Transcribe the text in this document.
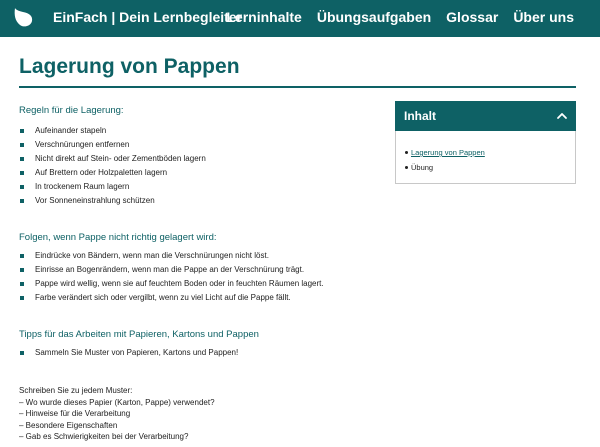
EinFach | Dein Lernbegleiter
Lerninhalte Übungsaufgaben Glossar Über uns
Lagerung von Pappen
Regeln für die Lagerung:
Aufeinander stapeln
Verschnürungen entfernen
Nicht direkt auf Stein- oder Zementböden lagern
Auf Brettern oder Holzpaletten lagern
In trockenem Raum lagern
Vor Sonneneinstrahlung schützen
Folgen, wenn Pappe nicht richtig gelagert wird:
Eindrücke von Bändern, wenn man die Verschnürungen nicht löst.
Einrisse an Bogenrändern, wenn man die Pappe an der Verschnürung trägt.
Pappe wird wellig, wenn sie auf feuchtem Boden oder in feuchten Räumen lagert.
Farbe verändert sich oder vergilbt, wenn zu viel Licht auf die Pappe fällt.
Tipps für das Arbeiten mit Papieren, Kartons und Pappen
Sammeln Sie Muster von Papieren, Kartons und Pappen!
Schreiben Sie zu jedem Muster:
– Wo wurde dieses Papier (Karton, Pappe) verwendet?
– Hinweise für die Verarbeitung
– Besondere Eigenschaften
– Gab es Schwierigkeiten bei der Verarbeitung?
Inhalt
Lagerung von Pappen
Übung
